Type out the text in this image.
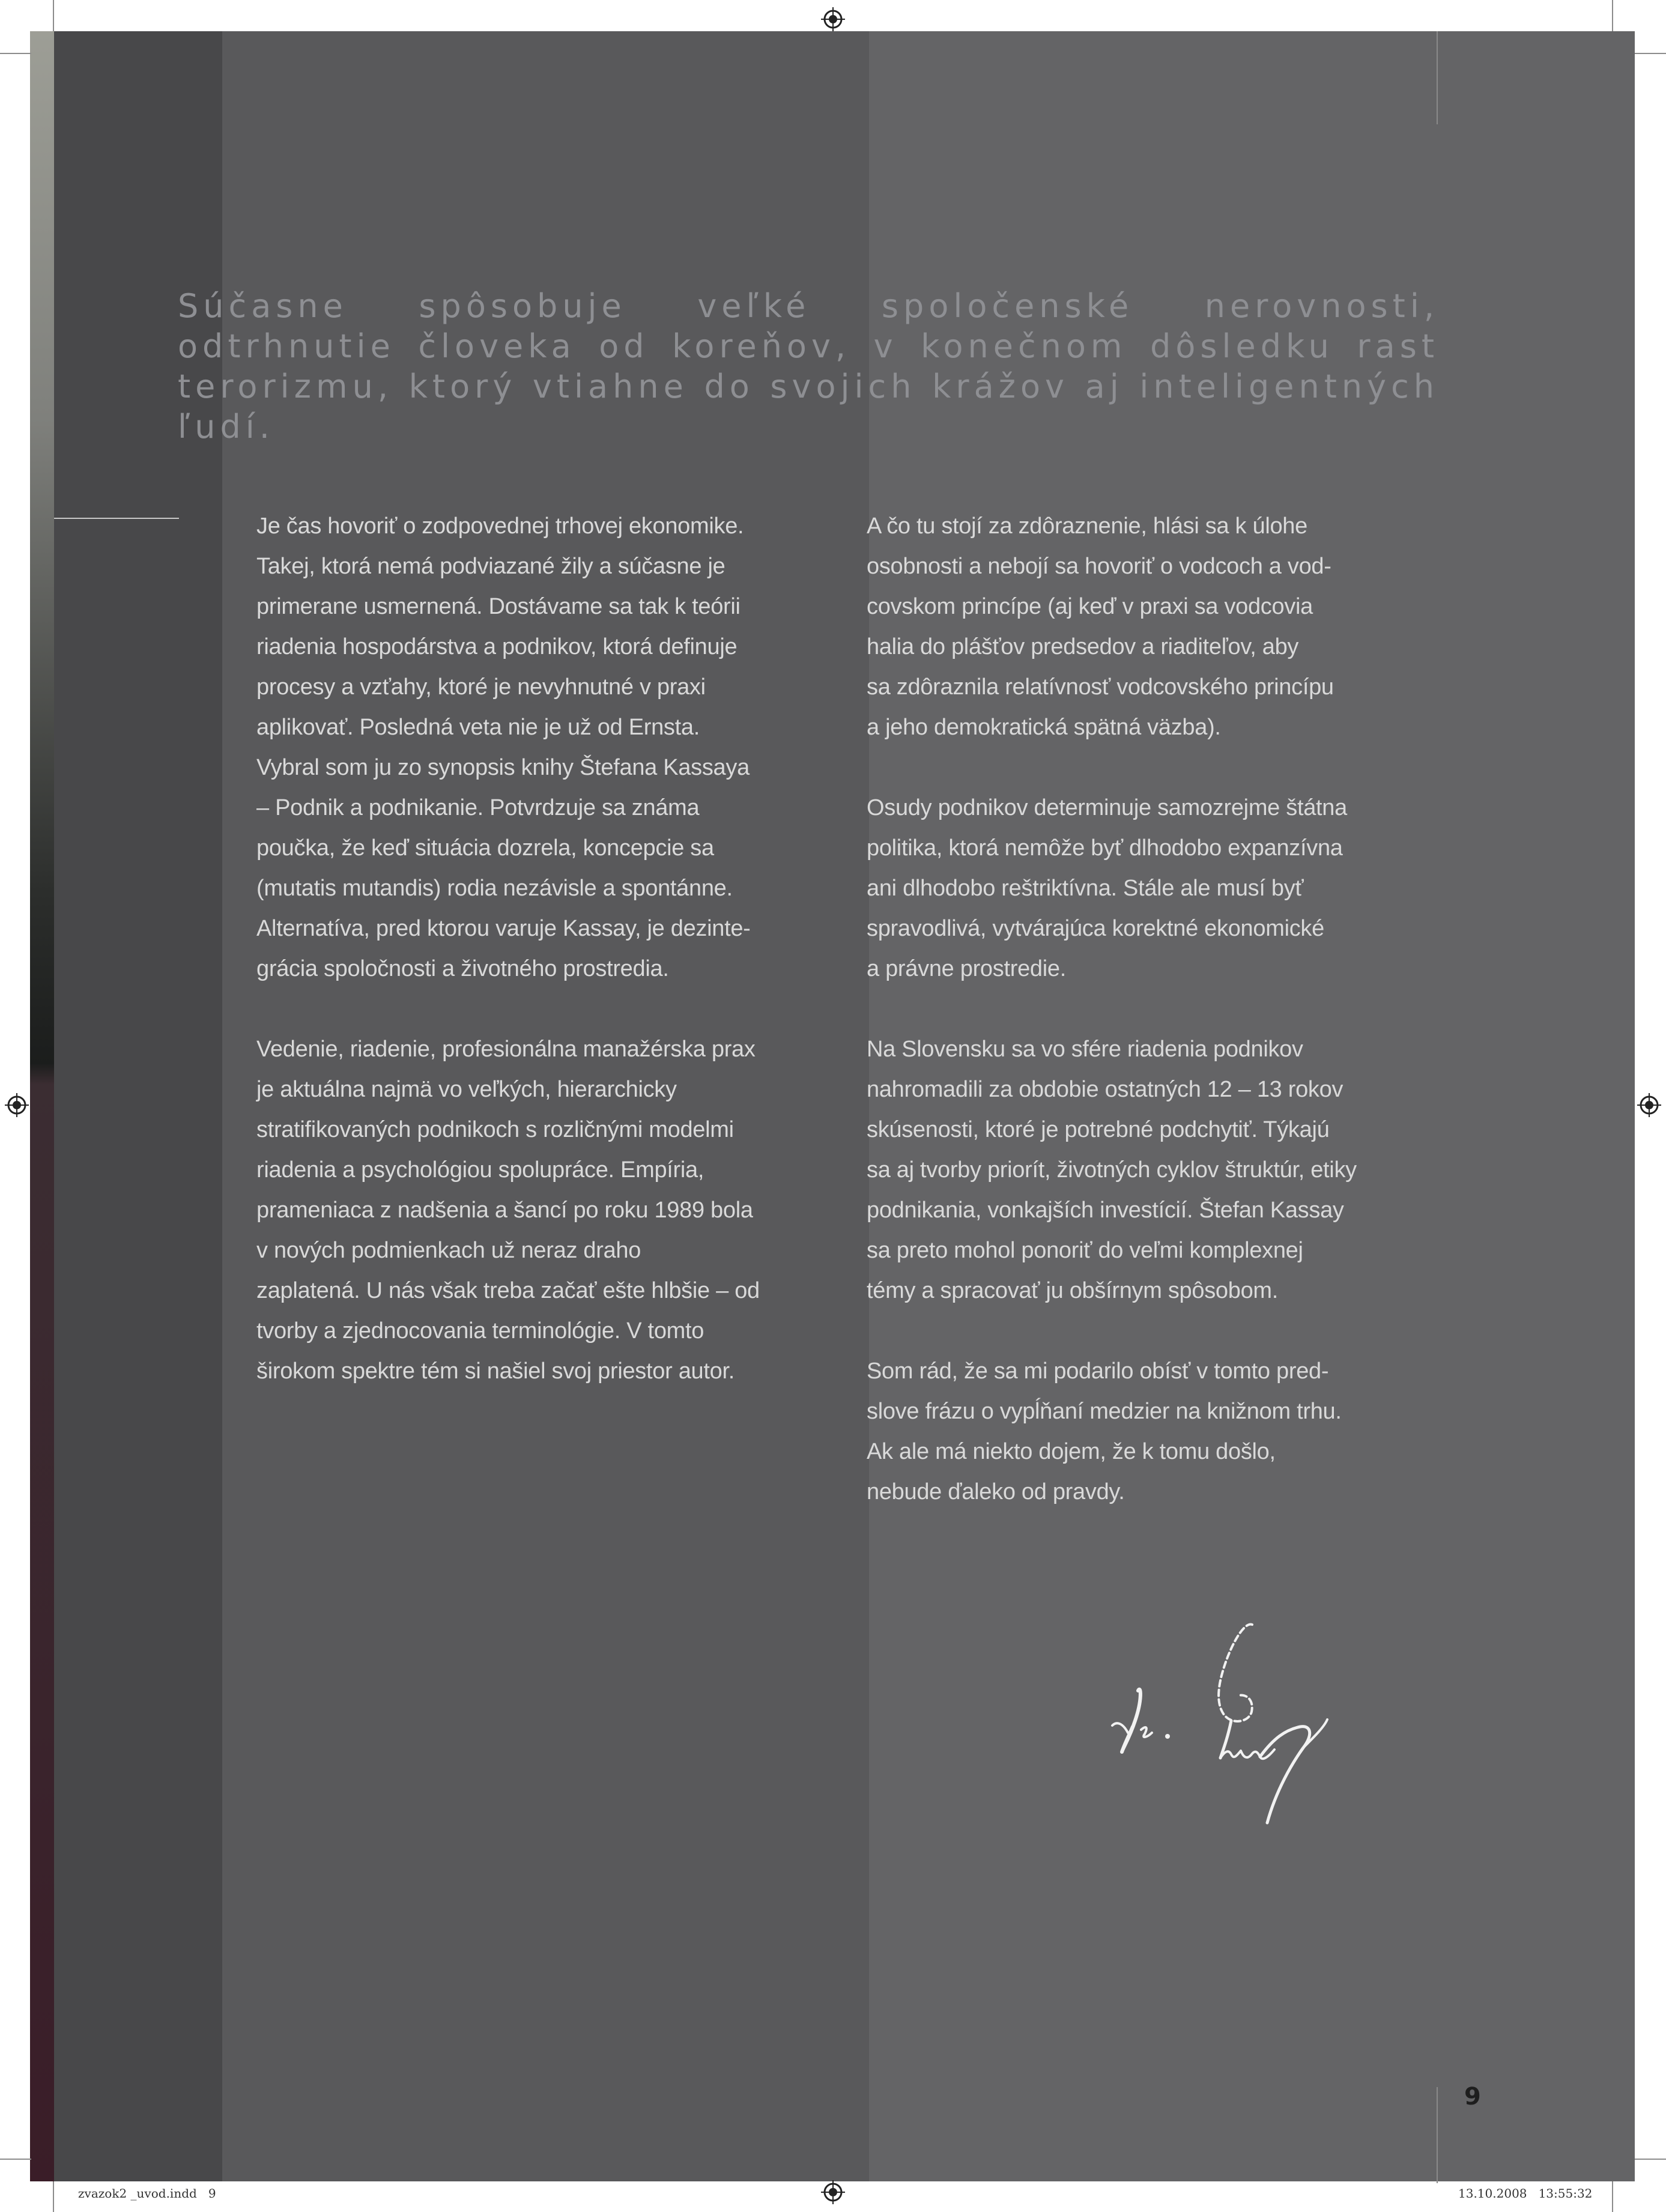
Súčasne spôsobuje veľké spoločenské nerovnosti, odtrhnutie človeka od koreňov, v konečnom dôsledku rast terorizmu, ktorý vtiahne do svojich krážov aj inteligentných ľudí.

Je čas hovoriť o zodpovednej trhovej ekonomike.
Takej, ktorá nemá podviazané žily a súčasne je
primerane usmernená. Dostávame sa tak k teórii
riadenia hospodárstva a podnikov, ktorá definuje
procesy a vzťahy, ktoré je nevyhnutné v praxi
aplikovať. Posledná veta nie je už od Ernsta.
Vybral som ju zo synopsis knihy Štefana Kassaya
– Podnik a podnikanie. Potvrdzuje sa známa
poučka, že keď situácia dozrela, koncepcie sa
(mutatis mutandis) rodia nezávisle a spontánne.
Alternatíva, pred ktorou varuje Kassay, je dezinte-
grácia spoločnosti a životného prostredia.

Vedenie, riadenie, profesionálna manažérska prax
je aktuálna najmä vo veľkých, hierarchicky
stratifikovaných podnikoch s rozličnými modelmi
riadenia a psychológiou spolupráce. Empíria,
prameniaca z nadšenia a šancí po roku 1989 bola
v nových podmienkach už neraz draho
zaplatená. U nás však treba začať ešte hlbšie – od
tvorby a zjednocovania terminológie. V tomto
širokom spektre tém si našiel svoj priestor autor.

A čo tu stojí za zdôraznenie, hlási sa k úlohe
osobnosti a nebojí sa hovoriť o vodcoch a vod-
covskom princípe (aj keď v praxi sa vodcovia
halia do plášťov predsedov a riaditeľov, aby
sa zdôraznila relatívnosť vodcovského princípu
a jeho demokratická spätná väzba).

Osudy podnikov determinuje samozrejme štátna
politika, ktorá nemôže byť dlhodobo expanzívna
ani dlhodobo reštriktívna. Stále ale musí byť
spravodlivá, vytvárajúca korektné ekonomické
a právne prostredie.

Na Slovensku sa vo sfére riadenia podnikov
nahromadili za obdobie ostatných 12 – 13 rokov
skúsenosti, ktoré je potrebné podchytiť. Týkajú
sa aj tvorby priorít, životných cyklov štruktúr, etiky
podnikania, vonkajších investícií. Štefan Kassay
sa preto mohol ponoriť do veľmi komplexnej
témy a spracovať ju obšírnym spôsobom.

Som rád, že sa mi podarilo obísť v tomto pred-
slove frázu o vypĺňaní medzier na knižnom trhu.
Ak ale má niekto dojem, že k tomu došlo,
nebude ďaleko od pravdy.

9
zvazok2 _uvod.indd   9	13.10.2008   13:55:32
